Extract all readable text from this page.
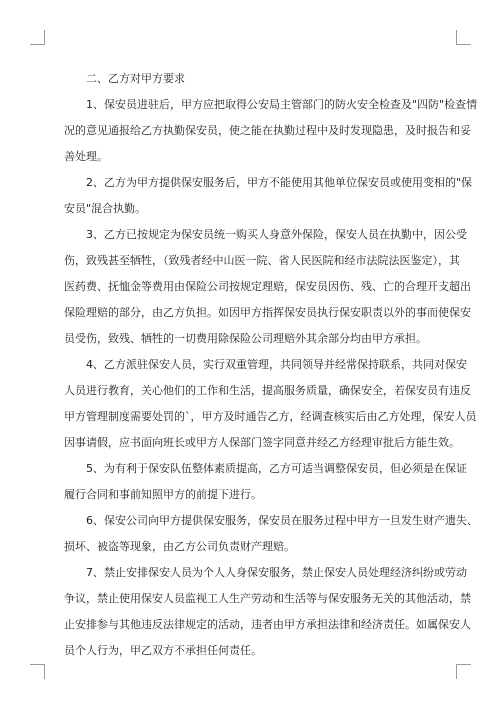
二、乙方对甲方要求
1、保安员进驻后，甲方应把取得公安局主管部门的防火安全检查及"四防"检查情
况的意见通报给乙方执勤保安员，使之能在执勤过程中及时发现隐患，及时报告和妥
善处理。
2、乙方为甲方提供保安服务后，甲方不能使用其他单位保安员或使用变相的"保
安员"混合执勤。
3、乙方已按规定为保安员统一购买人身意外保险，保安人员在执勤中，因公受
伤，致残甚至牺牲，（致残者经中山医一院、省人民医院和经市法院法医鉴定），其
医药费、抚恤金等费用由保险公司按规定理赔，保安员因伤、残、亡的合理开支超出
保险理赔的部分，由乙方负担。如因甲方指挥保安员执行保安职责以外的事而使保安
员受伤，致残、牺牲的一切费用除保险公司理赔外其余部分均由甲方承担。
4、乙方派驻保安人员，实行双重管理，共同领导并经常保持联系，共同对保安
人员进行教育，关心他们的工作和生活，提高服务质量，确保安全，若保安员有违反
甲方管理制度需要处罚的`，甲方及时通告乙方，经调查核实后由乙方处理，保安人员
因事请假，应书面向班长或甲方人保部门签字同意并经乙方经理审批后方能生效。
5、为有利于保安队伍整体素质提高，乙方可适当调整保安员，但必须是在保证
履行合同和事前知照甲方的前提下进行。
6、保安公司向甲方提供保安服务，保安员在服务过程中甲方一旦发生财产遗失、
损坏、被盗等现象，由乙方公司负责财产理赔。
7、禁止安排保安人员为个人人身保安服务，禁止保安人员处理经济纠纷或劳动
争议，禁止使用保安人员监视工人生产劳动和生活等与保安服务无关的其他活动，禁
止安排参与其他违反法律规定的活动，违者由甲方承担法律和经济责任。如属保安人
员个人行为，甲乙双方不承担任何责任。
